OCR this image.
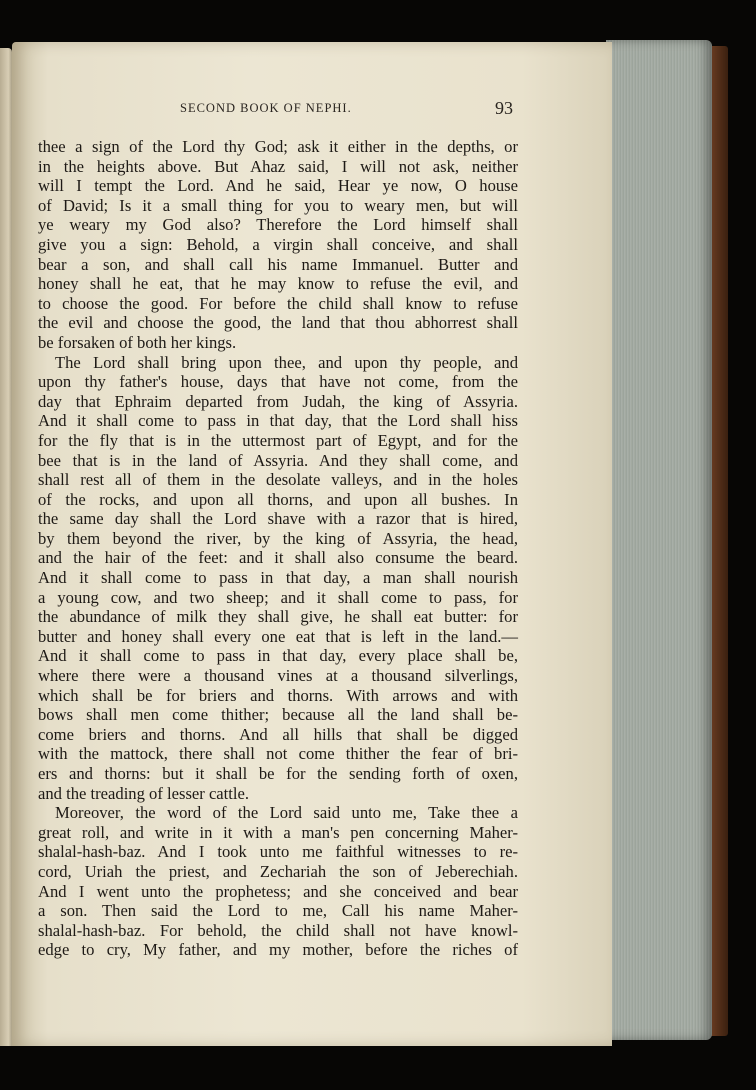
SECOND BOOK OF NEPHI.	93
thee a sign of the Lord thy God; ask it either in the depths, or
in the heights above. But Ahaz said, I will not ask, neither
will I tempt the Lord. And he said, Hear ye now, O house
of David; Is it a small thing for you to weary men, but will
ye weary my God also? Therefore the Lord himself shall
give you a sign: Behold, a virgin shall conceive, and shall
bear a son, and shall call his name Immanuel. Butter and
honey shall he eat, that he may know to refuse the evil, and
to choose the good. For before the child shall know to refuse
the evil and choose the good, the land that thou abhorrest shall
be forsaken of both her kings.
The Lord shall bring upon thee, and upon thy people, and
upon thy father's house, days that have not come, from the
day that Ephraim departed from Judah, the king of Assyria.
And it shall come to pass in that day, that the Lord shall hiss
for the fly that is in the uttermost part of Egypt, and for the
bee that is in the land of Assyria. And they shall come, and
shall rest all of them in the desolate valleys, and in the holes
of the rocks, and upon all thorns, and upon all bushes. In
the same day shall the Lord shave with a razor that is hired,
by them beyond the river, by the king of Assyria, the head,
and the hair of the feet: and it shall also consume the beard.
And it shall come to pass in that day, a man shall nourish
a young cow, and two sheep; and it shall come to pass, for
the abundance of milk they shall give, he shall eat butter: for
butter and honey shall every one eat that is left in the land.—
And it shall come to pass in that day, every place shall be,
where there were a thousand vines at a thousand silverlings,
which shall be for briers and thorns. With arrows and with
bows shall men come thither; because all the land shall be-
come briers and thorns. And all hills that shall be digged
with the mattock, there shall not come thither the fear of bri-
ers and thorns: but it shall be for the sending forth of oxen,
and the treading of lesser cattle.
Moreover, the word of the Lord said unto me, Take thee a
great roll, and write in it with a man's pen concerning Maher-
shalal-hash-baz. And I took unto me faithful witnesses to re-
cord, Uriah the priest, and Zechariah the son of Jeberechiah.
And I went unto the prophetess; and she conceived and bear
a son. Then said the Lord to me, Call his name Maher-
shalal-hash-baz. For behold, the child shall not have knowl-
edge to cry, My father, and my mother, before the riches of
